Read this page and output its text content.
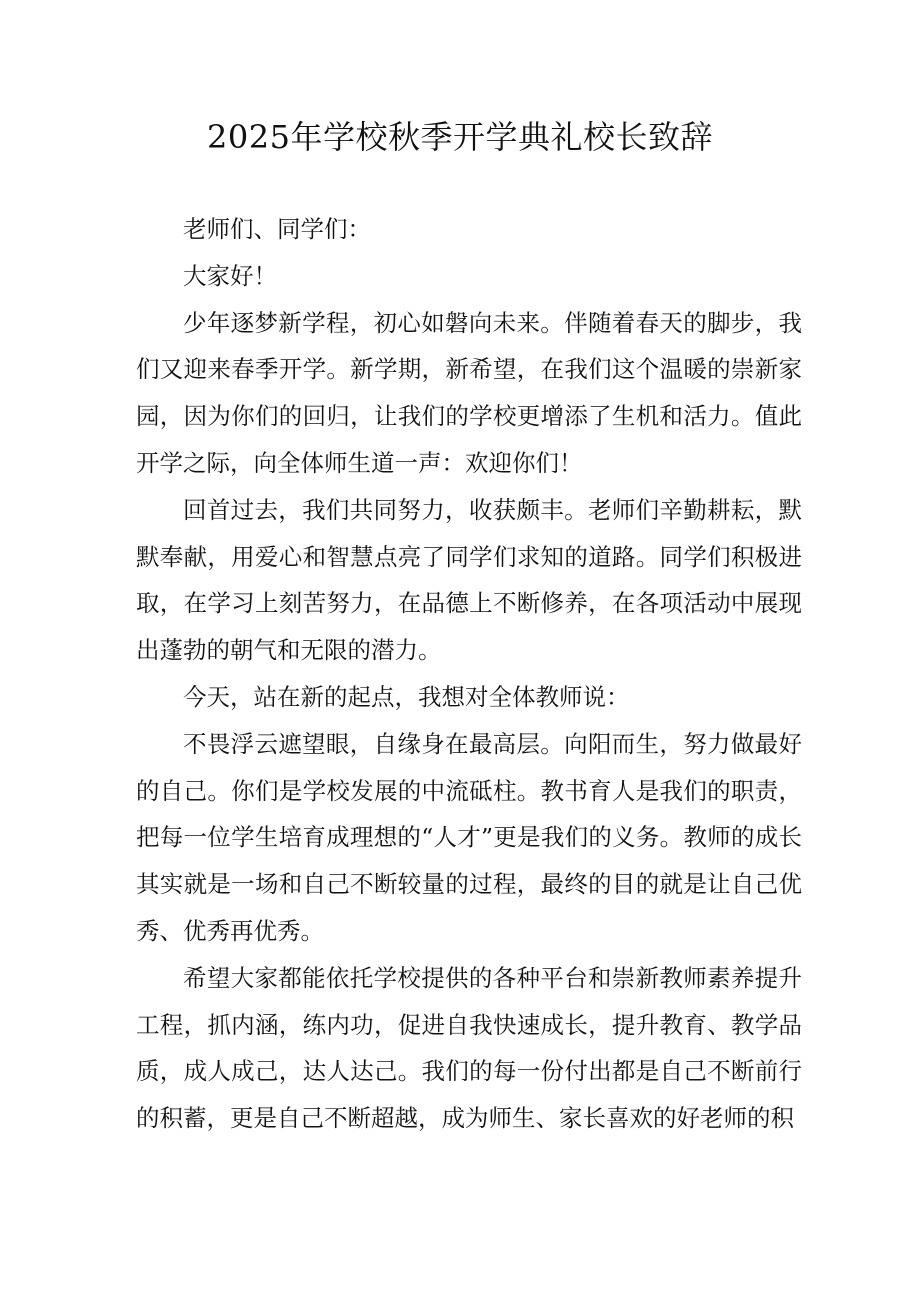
2025年学校秋季开学典礼校长致辞

老师们、同学们：

大家好！

少年逐梦新学程，初心如磐向未来。伴随着春天的脚步，我们又迎来春季开学。新学期，新希望，在我们这个温暖的崇新家园，因为你们的回归，让我们的学校更增添了生机和活力。值此开学之际，向全体师生道一声：欢迎你们！

回首过去，我们共同努力，收获颇丰。老师们辛勤耕耘，默默奉献，用爱心和智慧点亮了同学们求知的道路。同学们积极进取，在学习上刻苦努力，在品德上不断修养，在各项活动中展现出蓬勃的朝气和无限的潜力。

今天，站在新的起点，我想对全体教师说：

不畏浮云遮望眼，自缘身在最高层。向阳而生，努力做最好的自己。你们是学校发展的中流砥柱。教书育人是我们的职责，把每一位学生培育成理想的“人才”更是我们的义务。教师的成长其实就是一场和自己不断较量的过程，最终的目的就是让自己优秀、优秀再优秀。

希望大家都能依托学校提供的各种平台和崇新教师素养提升工程，抓内涵，练内功，促进自我快速成长，提升教育、教学品质，成人成己，达人达己。我们的每一份付出都是自己不断前行的积蓄，更是自己不断超越，成为师生、家长喜欢的好老师的积
